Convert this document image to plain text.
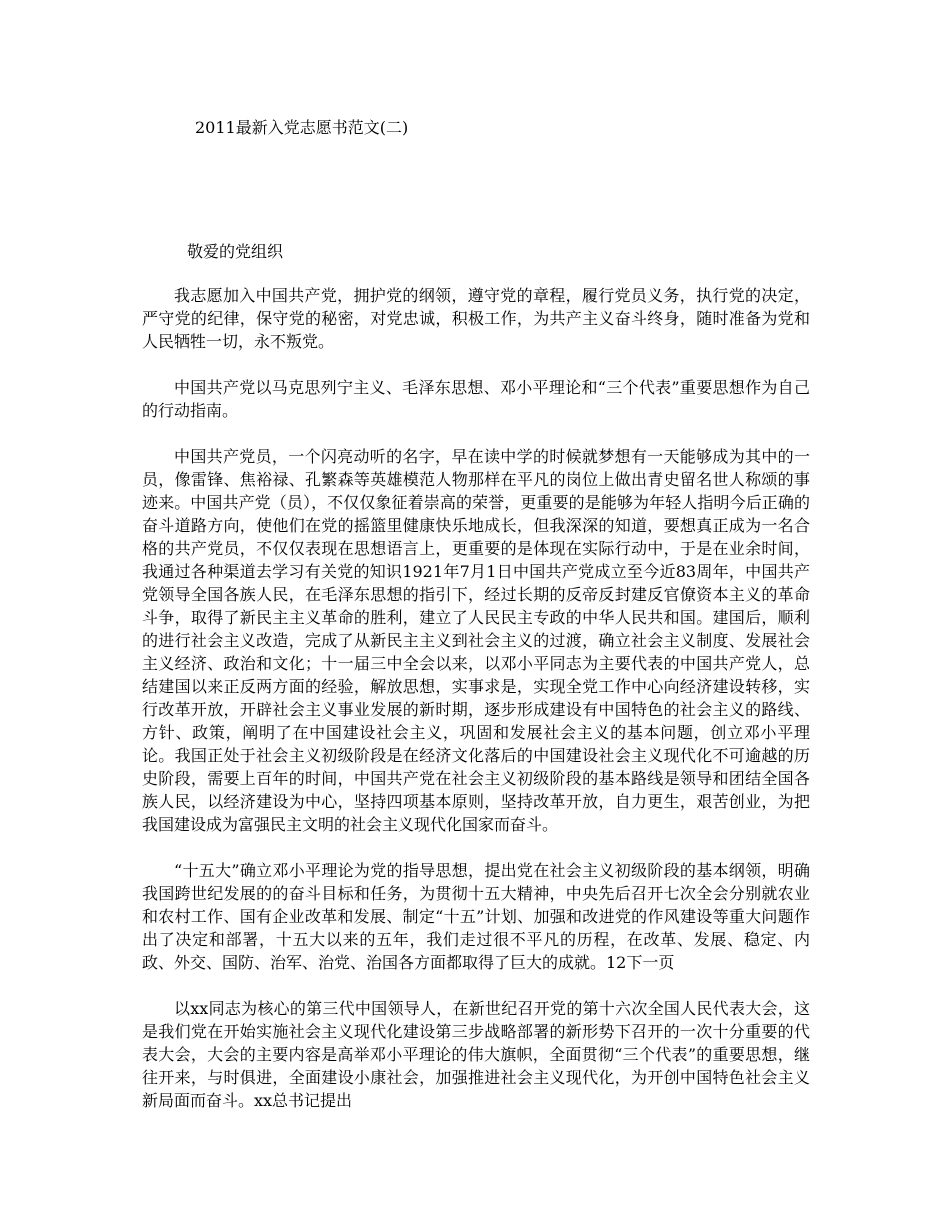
2011最新入党志愿书范文(二)

敬爱的党组织

我志愿加入中国共产党，拥护党的纲领，遵守党的章程，履行党员义务，执行党的决定，严守党的纪律，保守党的秘密，对党忠诚，积极工作，为共产主义奋斗终身，随时准备为党和人民牺牲一切，永不叛党。

中国共产党以马克思列宁主义、毛泽东思想、邓小平理论和“三个代表”重要思想作为自己的行动指南。

中国共产党员，一个闪亮动听的名字，早在读中学的时候就梦想有一天能够成为其中的一员，像雷锋、焦裕禄、孔繁森等英雄模范人物那样在平凡的岗位上做出青史留名世人称颂的事迹来。中国共产党（员），不仅仅象征着崇高的荣誉，更重要的是能够为年轻人指明今后正确的奋斗道路方向，使他们在党的摇篮里健康快乐地成长，但我深深的知道，要想真正成为一名合格的共产党员，不仅仅表现在思想语言上，更重要的是体现在实际行动中，于是在业余时间，我通过各种渠道去学习有关党的知识1921年7月1日中国共产党成立至今近83周年，中国共产党领导全国各族人民，在毛泽东思想的指引下，经过长期的反帝反封建反官僚资本主义的革命斗争，取得了新民主主义革命的胜利，建立了人民民主专政的中华人民共和国。建国后，顺利的进行社会主义改造，完成了从新民主主义到社会主义的过渡，确立社会主义制度、发展社会主义经济、政治和文化；十一届三中全会以来，以邓小平同志为主要代表的中国共产党人，总结建国以来正反两方面的经验，解放思想，实事求是，实现全党工作中心向经济建设转移，实行改革开放，开辟社会主义事业发展的新时期，逐步形成建设有中国特色的社会主义的路线、方针、政策，阐明了在中国建设社会主义，巩固和发展社会主义的基本问题，创立邓小平理论。我国正处于社会主义初级阶段是在经济文化落后的中国建设社会主义现代化不可逾越的历史阶段，需要上百年的时间，中国共产党在社会主义初级阶段的基本路线是领导和团结全国各族人民，以经济建设为中心，坚持四项基本原则，坚持改革开放，自力更生，艰苦创业，为把我国建设成为富强民主文明的社会主义现代化国家而奋斗。

“十五大”确立邓小平理论为党的指导思想，提出党在社会主义初级阶段的基本纲领，明确我国跨世纪发展的的奋斗目标和任务，为贯彻十五大精神，中央先后召开七次全会分别就农业和农村工作、国有企业改革和发展、制定“十五”计划、加强和改进党的作风建设等重大问题作出了决定和部署，十五大以来的五年，我们走过很不平凡的历程，在改革、发展、稳定、内政、外交、国防、治军、治党、治国各方面都取得了巨大的成就。12下一页

以xx同志为核心的第三代中国领导人，在新世纪召开党的第十六次全国人民代表大会，这是我们党在开始实施社会主义现代化建设第三步战略部署的新形势下召开的一次十分重要的代表大会，大会的主要内容是高举邓小平理论的伟大旗帜，全面贯彻“三个代表”的重要思想，继往开来，与时俱进，全面建设小康社会，加强推进社会主义现代化，为开创中国特色社会主义新局面而奋斗。xx总书记提出
